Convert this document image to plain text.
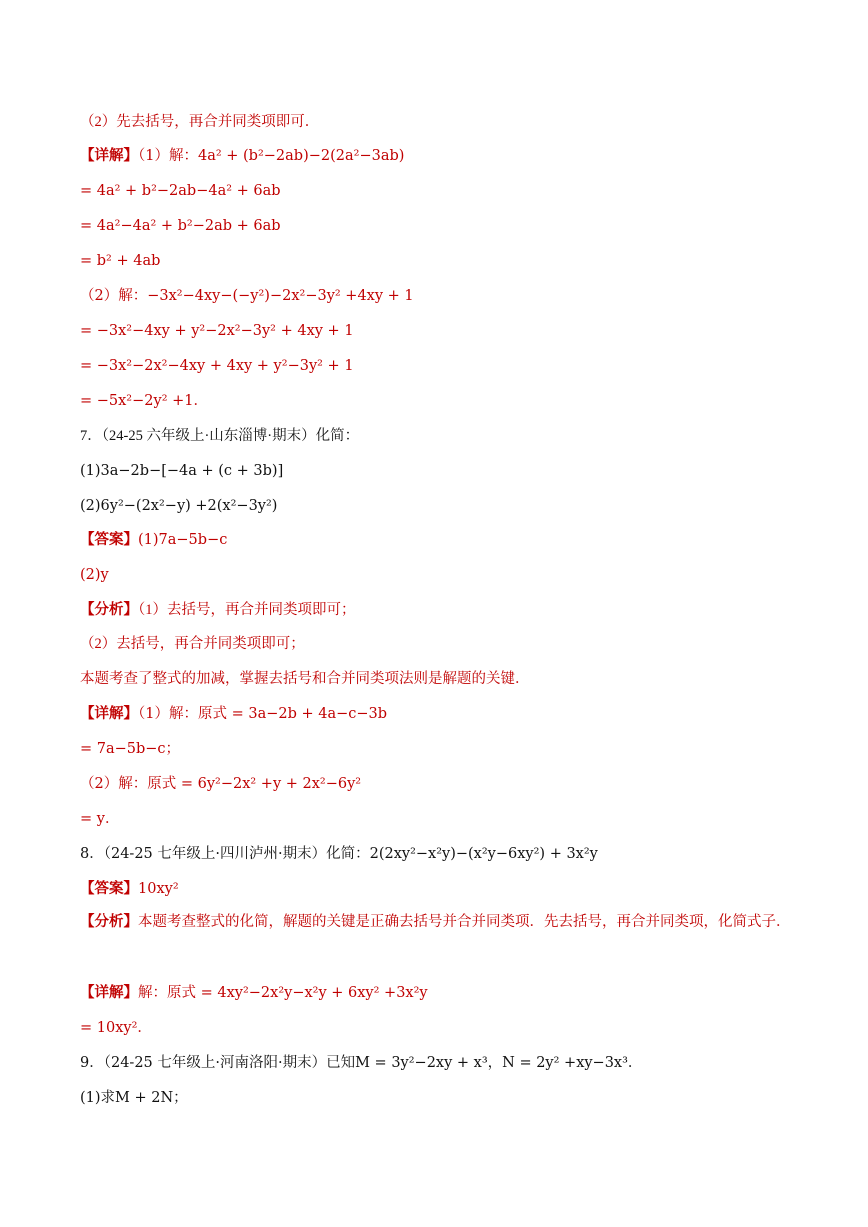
（2）先去括号，再合并同类项即可．
【详解】（1）解：4a² + (b²−2ab)−2(2a²−3ab)
= 4a² + b²−2ab−4a² + 6ab
= 4a²−4a² + b²−2ab + 6ab
= b² + 4ab
（2）解：−3x²−4xy−(−y²)−2x²−3y² +4xy + 1
= −3x²−4xy + y²−2x²−3y² + 4xy + 1
= −3x²−2x²−4xy + 4xy + y²−3y² + 1
= −5x²−2y² +1．
7．（24-25 六年级上·山东淄博·期末）化简：
(1)3a−2b−[−4a + (c + 3b)]
(2)6y²−(2x²−y) +2(x²−3y²)
【答案】(1)7a−5b−c
(2)y
【分析】（1）去括号，再合并同类项即可；
（2）去括号，再合并同类项即可；
本题考查了整式的加减，掌握去括号和合并同类项法则是解题的关键．
【详解】（1）解：原式 = 3a−2b + 4a−c−3b
= 7a−5b−c；
（2）解：原式 = 6y²−2x² +y + 2x²−6y²
= y．
8．（24-25 七年级上·四川泸州·期末）化简：2(2xy²−x²y)−(x²y−6xy²) + 3x²y
【答案】10xy²
【分析】本题考查整式的化简，解题的关键是正确去括号并合并同类项．先去括号，再合并同类项，化简式子．
【详解】解：原式 = 4xy²−2x²y−x²y + 6xy² +3x²y
= 10xy²．
9．（24-25 七年级上·河南洛阳·期末）已知M = 3y²−2xy + x³，N = 2y² +xy−3x³．
(1)求M + 2N；
